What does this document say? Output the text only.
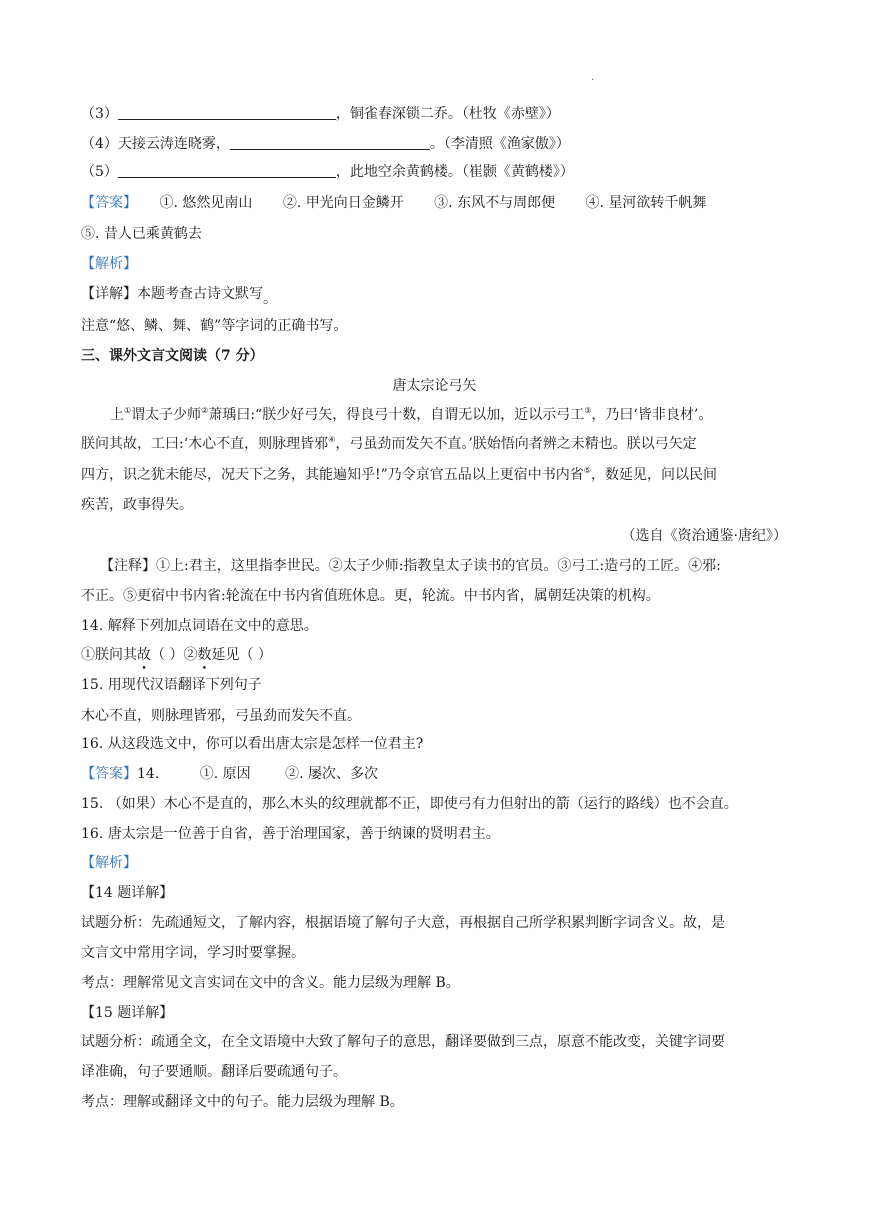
.
（3）	，铜雀春深锁二乔。（杜牧《赤壁》）
（4）天接云涛连晓雾，	。（李清照《渔家傲》）
（5）	，此地空余黄鹤楼。（崔颢《黄鹤楼》）
【答案】 ①. 悠然见南山 ②. 甲光向日金鳞开 ③. 东风不与周郎便 ④. 星河欲转千帆舞
⑤. 昔人已乘黄鹤去
【解析】
【详解】本题考查古诗文默写。
注意“悠、鳞、舞、鹤”等字词的正确书写。
三、课外文言文阅读（7 分）
唐太宗论弓矢
上①谓太子少师②萧瑀曰:“朕少好弓矢，得良弓十数，自谓无以加，近以示弓工③，乃曰‘皆非良材’。
朕问其故，工曰:‘木心不直，则脉理皆邪④，弓虽劲而发矢不直。’朕始悟向者辨之未精也。朕以弓矢定
四方，识之犹未能尽，况天下之务，其能遍知乎!”乃令京官五品以上更宿中书内省⑤，数延见，问以民间
疾苦，政事得失。
（选自《资治通鉴·唐纪》）
【注释】①上:君主，这里指李世民。②太子少师:指教皇太子读书的官员。③弓工:造弓的工匠。④邪:
不正。⑤更宿中书内省:轮流在中书内省值班休息。更，轮流。中书内省，属朝廷决策的机构。
14. 解释下列加点词语在文中的意思。
①朕问其故（ ）②数延见（ ）
15. 用现代汉语翻译下列句子
木心不直，则脉理皆邪，弓虽劲而发矢不直。
16. 从这段选文中，你可以看出唐太宗是怎样一位君主?
【答案】14.	①. 原因 ②. 屡次、多次
15. （如果）木心不是直的，那么木头的纹理就都不正，即使弓有力但射出的箭（运行的路线）也不会直。
16. 唐太宗是一位善于自省，善于治理国家，善于纳谏的贤明君主。
【解析】
【14 题详解】
试题分析：先疏通短文，了解内容，根据语境了解句子大意，再根据自己所学积累判断字词含义。故，是
文言文中常用字词，学习时要掌握。
考点：理解常见文言实词在文中的含义。能力层级为理解 B。
【15 题详解】
试题分析：疏通全文，在全文语境中大致了解句子的意思，翻译要做到三点，原意不能改变，关键字词要
译准确，句子要通顺。翻译后要疏通句子。
考点：理解或翻译文中的句子。能力层级为理解 B。
